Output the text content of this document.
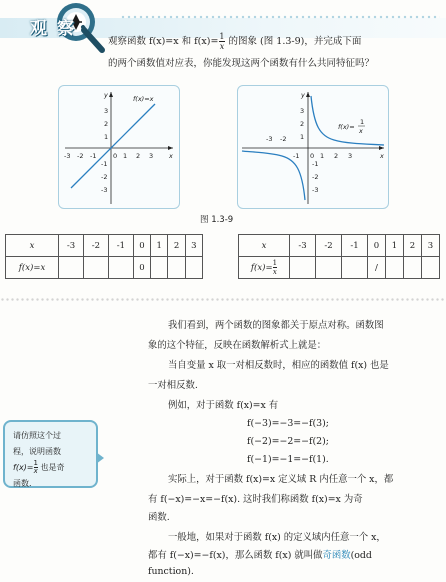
观察
观察函数 f(x)=x 和 $f(x)= \frac{1}{x}$ 的图象 (图 1.3-9)，并完成下面
的两个函数值对应表，你能发现这两个函数有什么共同特征吗？
x
y
-3 -2 -1	0 1 2 3
3
2
1
-1
-2
-3
f(x)=x
x
y
-3 -2
-1 0 1 2 3
3
2
1
-1
-2
-3
f(x)=
1
x
图 1.3-9
x	-3	-2	-1	0	1	2	3
f(x)=x				0			
x	-3	-2	-1	0	1	2	3
$f(x)= \frac{1}{x}$				/			
我们看到，两个函数的图象都关于原点对称。函数图
象的这个特征，反映在函数解析式上就是：
当自变量 x 取一对相反数时，相应的函数值 f(x) 也是
一对相反数.
例如，对于函数 f(x)=x 有
f(−3)=−3=−f(3);
f(−2)=−2=−f(2);
f(−1)=−1=−f(1).
实际上，对于函数 f(x)=x 定义域 R 内任意一个 x，都
有 f(−x)=−x=−f(x). 这时我们称函数 f(x)=x 为奇
函数.
一般地，如果对于函数 f(x) 的定义域内任意一个 x，
都有 f(−x)=−f(x)，那么函数 f(x) 就叫做奇函数(odd
function).
请仿照这个过
程，说明函数
$f(x)= \frac{1}{x}$ 也是奇
函数.
